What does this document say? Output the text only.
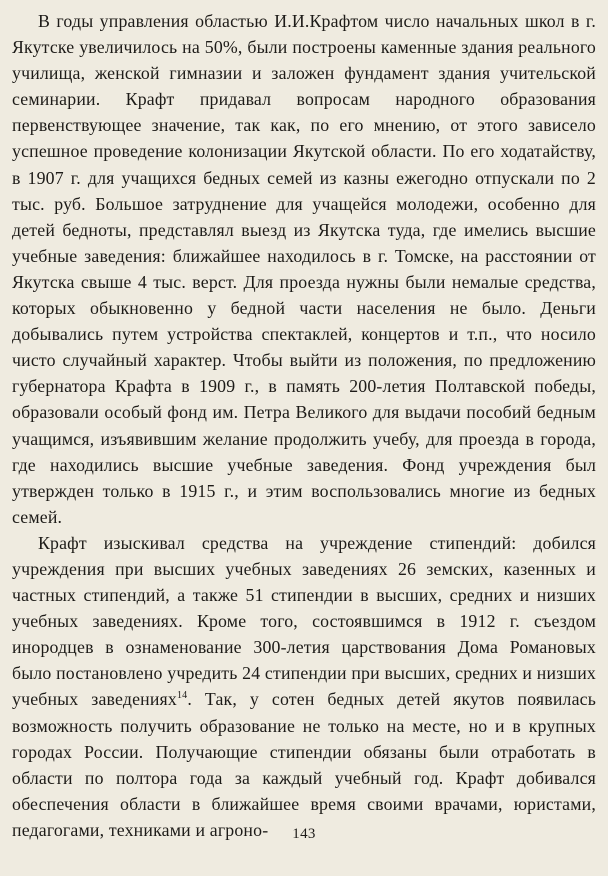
В годы управления областью И.И.Крафтом число начальных школ в г. Якутске увеличилось на 50%, были построены каменные здания реального училища, женской гимназии и заложен фундамент здания учительской семинарии. Крафт придавал вопросам народного образования первенствующее значение, так как, по его мнению, от этого зависело успешное проведение колонизации Якутской области. По его ходатайству, в 1907 г. для учащихся бедных семей из казны ежегодно отпускали по 2 тыс. руб. Большое затруднение для учащейся молодежи, особенно для детей бедноты, представлял выезд из Якутска туда, где имелись высшие учебные заведения: ближайшее находилось в г. Томске, на расстоянии от Якутска свыше 4 тыс. верст. Для проезда нужны были немалые средства, которых обыкновенно у бедной части населения не было. Деньги добывались путем устройства спектаклей, концертов и т.п., что носило чисто случайный характер. Чтобы выйти из положения, по предложению губернатора Крафта в 1909 г., в память 200-летия Полтавской победы, образовали особый фонд им. Петра Великого для выдачи пособий бедным учащимся, изъявившим желание продолжить учебу, для проезда в города, где находились высшие учебные заведения. Фонд учреждения был утвержден только в 1915 г., и этим воспользовались многие из бедных семей.

Крафт изыскивал средства на учреждение стипендий: добился учреждения при высших учебных заведениях 26 земских, казенных и частных стипендий, а также 51 стипендии в высших, средних и низших учебных заведениях. Кроме того, состоявшимся в 1912 г. съездом инородцев в ознаменование 300-летия царствования Дома Романовых было постановлено учредить 24 стипендии при высших, средних и низших учебных заведениях$^{14}$. Так, у сотен бедных детей якутов появилась возможность получить образование не только на месте, но и в крупных городах России. Получающие стипендии обязаны были отработать в области по полтора года за каждый учебный год. Крафт добивался обеспечения области в ближайшее время своими врачами, юристами, педагогами, техниками и агроно-	143
